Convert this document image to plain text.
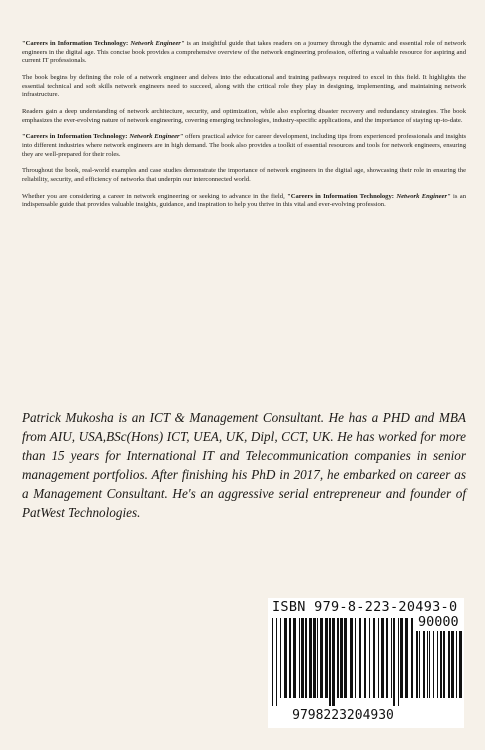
"Careers in Information Technology: Network Engineer" is an insightful guide that takes readers on a journey through the dynamic and essential role of network engineers in the digital age. This concise book provides a comprehensive overview of the network engineering profession, offering a valuable resource for aspiring and current IT professionals.

The book begins by defining the role of a network engineer and delves into the educational and training pathways required to excel in this field. It highlights the essential technical and soft skills network engineers need to succeed, along with the critical role they play in designing, implementing, and maintaining network infrastructure.

Readers gain a deep understanding of network architecture, security, and optimization, while also exploring disaster recovery and redundancy strategies. The book emphasizes the ever-evolving nature of network engineering, covering emerging technologies, industry-specific applications, and the importance of staying up-to-date.

"Careers in Information Technology: Network Engineer" offers practical advice for career development, including tips from experienced professionals and insights into different industries where network engineers are in high demand. The book also provides a toolkit of essential resources and tools for network engineers, ensuring they are well-prepared for their roles.

Throughout the book, real-world examples and case studies demonstrate the importance of network engineers in the digital age, showcasing their role in ensuring the reliability, security, and efficiency of networks that underpin our interconnected world.

Whether you are considering a career in network engineering or seeking to advance in the field, "Careers in Information Technology: Network Engineer" is an indispensable guide that provides valuable insights, guidance, and inspiration to help you thrive in this vital and ever-evolving profession.

Patrick Mukosha is an ICT & Management Consultant. He has a PHD and MBA from AIU, USA,BSc(Hons) ICT, UEA, UK, Dipl, CCT, UK. He has worked for more than 15 years for International IT and Telecommunication companies in senior management portfolios. After finishing his PhD in 2017, he embarked on career as a Management Consultant. He's an aggressive serial entrepreneur and founder of PatWest Technologies.
ISBN 979-8-223-20493-0
90000
9798223204930
